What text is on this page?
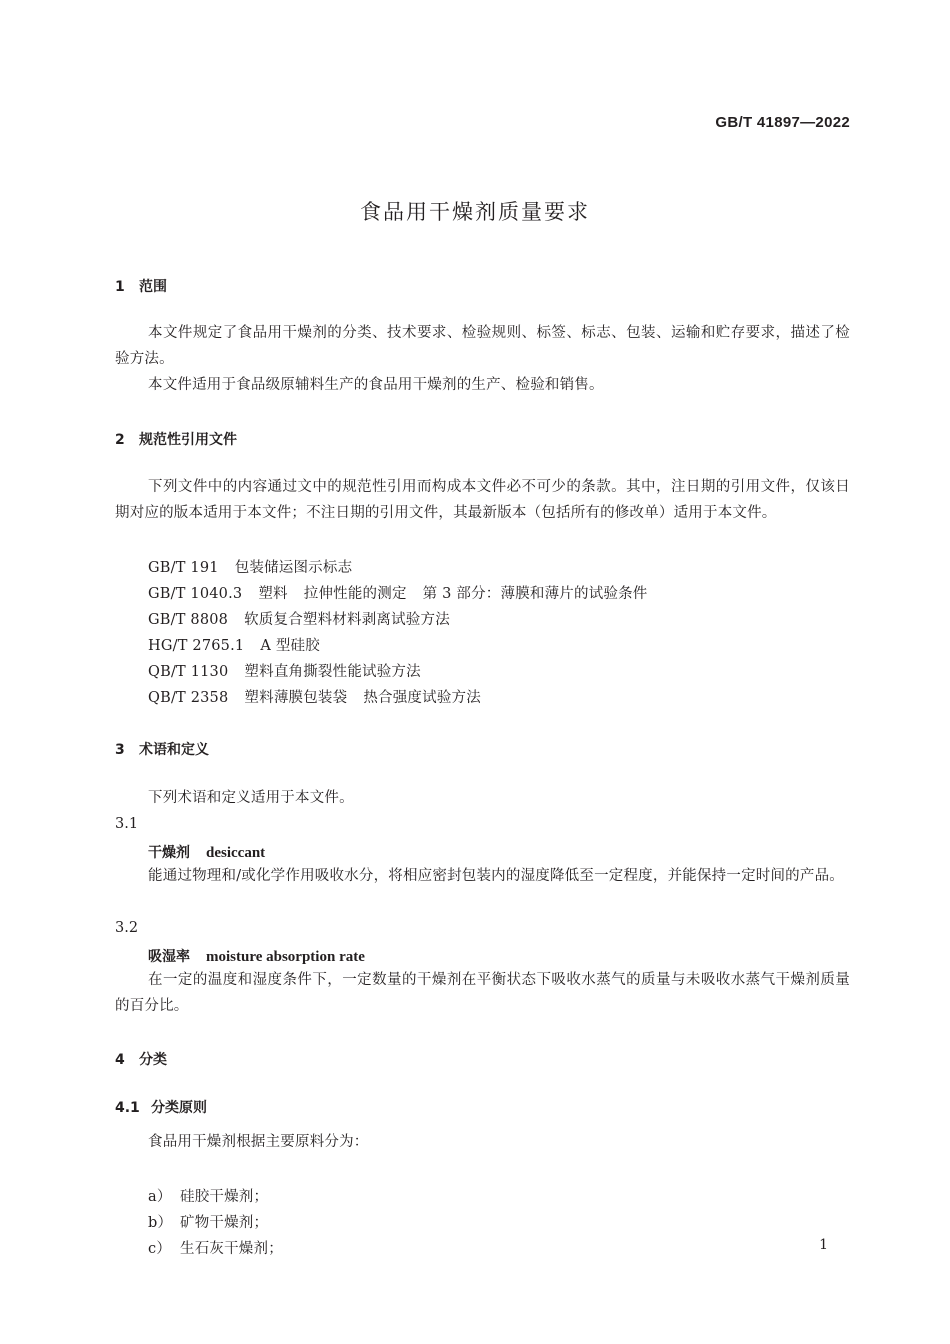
GB/T 41897—2022
食品用干燥剂质量要求
1 范围
本文件规定了食品用干燥剂的分类、技术要求、检验规则、标签、标志、包装、运输和贮存要求，描述了检验方法。
本文件适用于食品级原辅料生产的食品用干燥剂的生产、检验和销售。
2 规范性引用文件
下列文件中的内容通过文中的规范性引用而构成本文件必不可少的条款。其中，注日期的引用文件，仅该日期对应的版本适用于本文件；不注日期的引用文件，其最新版本（包括所有的修改单）适用于本文件。
GB/T 191 包装储运图示标志
GB/T 1040.3 塑料 拉伸性能的测定 第 3 部分：薄膜和薄片的试验条件
GB/T 8808 软质复合塑料材料剥离试验方法
HG/T 2765.1 A 型硅胶
QB/T 1130 塑料直角撕裂性能试验方法
QB/T 2358 塑料薄膜包装袋 热合强度试验方法
3 术语和定义
下列术语和定义适用于本文件。
3.1
干燥剂 desiccant
能通过物理和/或化学作用吸收水分，将相应密封包装内的湿度降低至一定程度，并能保持一定时间的产品。
3.2
吸湿率 moisture absorption rate
在一定的温度和湿度条件下，一定数量的干燥剂在平衡状态下吸收水蒸气的质量与未吸收水蒸气干燥剂质量的百分比。
4 分类
4.1 分类原则
食品用干燥剂根据主要原料分为：
a） 硅胶干燥剂；
b） 矿物干燥剂；
c） 生石灰干燥剂；	1
